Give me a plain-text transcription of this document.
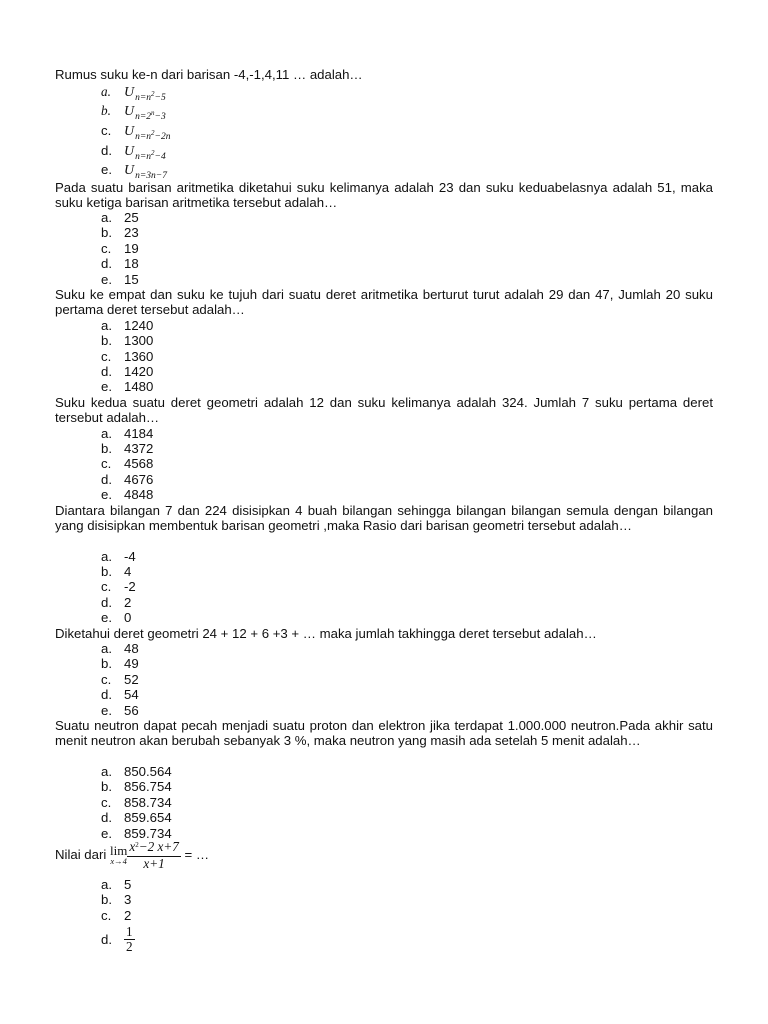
Rumus suku ke-n dari barisan -4,-1,4,11 … adalah…
a. $U_{n=n^2-5}$
b. $U_{n=2^n-3}$
c. $U_{n=n^2-2n}$
d. $U_{n=n^2-4}$
e. $U_{n=3n-7}$
Pada suatu barisan aritmetika diketahui suku kelimanya adalah 23 dan suku keduabelasnya adalah 51, maka suku ketiga barisan aritmetika tersebut adalah…
a. 25
b. 23
c. 19
d. 18
e. 15
Suku ke empat dan suku ke tujuh dari suatu deret aritmetika berturut turut adalah 29 dan 47, Jumlah 20 suku pertama deret tersebut adalah…
a. 1240
b. 1300
c. 1360
d. 1420
e. 1480
Suku kedua suatu deret geometri adalah 12 dan suku kelimanya adalah 324. Jumlah 7 suku pertama deret tersebut adalah…
a. 4184
b. 4372
c. 4568
d. 4676
e. 4848
Diantara bilangan 7 dan 224 disisipkan 4 buah bilangan sehingga bilangan bilangan semula dengan bilangan yang disisipkan membentuk barisan geometri ,maka Rasio dari barisan geometri tersebut adalah…
a. -4
b. 4
c. -2
d. 2
e. 0
Diketahui deret geometri 24 + 12 + 6 +3 + … maka jumlah takhingga deret tersebut adalah…
a. 48
b. 49
c. 52
d. 54
e. 56
Suatu neutron dapat pecah menjadi suatu proton dan elektron jika terdapat 1.000.000 neutron.Pada akhir satu menit neutron akan berubah sebanyak 3 %, maka neutron yang masih ada setelah 5 menit adalah…
a. 850.564
b. 856.754
c. 858.734
d. 859.654
e. 859.734
Nilai dari lim
$x\to 4 \frac{x^2-2 x+7}{x+1}$ = …
a. 5
b. 3
c. 2
d. $\frac{1}{2}$
